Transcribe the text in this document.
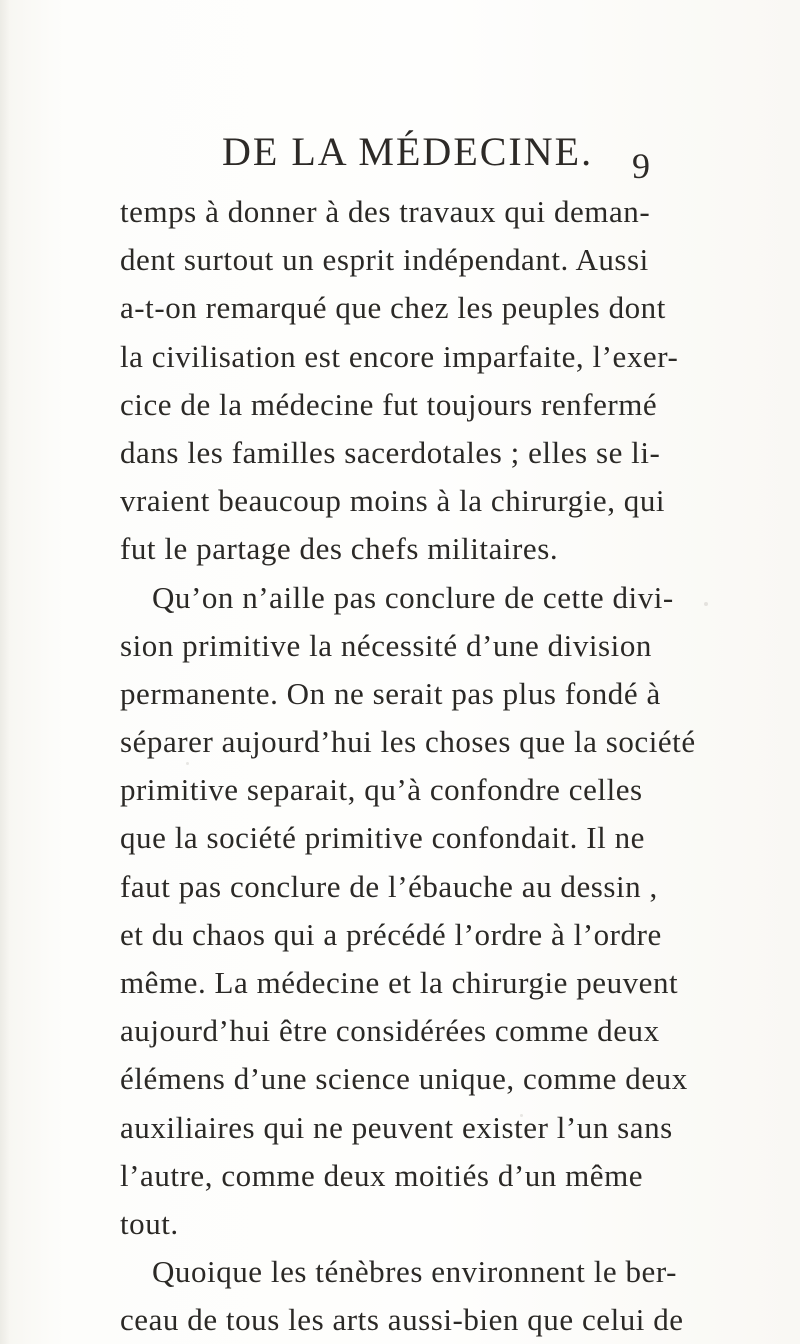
DE LA MÉDECINE. 9
temps à donner à des travaux qui deman-
dent surtout un esprit indépendant. Aussi
a-t-on remarqué que chez les peuples dont
la civilisation est encore imparfaite, l’exer-
cice de la médecine fut toujours renfermé
dans les familles sacerdotales ; elles se li-
vraient beaucoup moins à la chirurgie, qui
fut le partage des chefs militaires.
Qu’on n’aille pas conclure de cette divi-
sion primitive la nécessité d’une division
permanente. On ne serait pas plus fondé à
séparer aujourd’hui les choses que la société
primitive separait, qu’à confondre celles
que la société primitive confondait. Il ne
faut pas conclure de l’ébauche au dessin ,
et du chaos qui a précédé l’ordre à l’ordre
même. La médecine et la chirurgie peuvent
aujourd’hui être considérées comme deux
élémens d’une science unique, comme deux
auxiliaires qui ne peuvent exister l’un sans
l’autre, comme deux moitiés d’un même
tout.
Quoique les ténèbres environnent le ber-
ceau de tous les arts aussi-bien que celui de
